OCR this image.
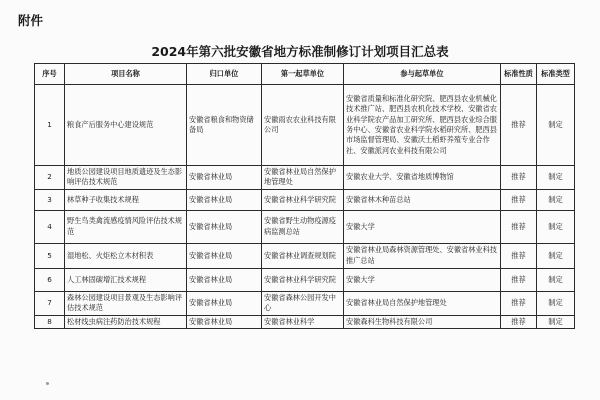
附件
2024年第六批安徽省地方标准制修订计划项目汇总表
序号	项目名称	归口单位	第一起草单位	参与起草单位	标准性质	标准类型
1	粮食产后服务中心建设规范	安徽省粮食和物资储备局	安徽雨农农业科技有限公司	安徽省质量和标准化研究院、肥西县农业机械化技术推广站、肥西县农机化技术学校、安徽省农业科学院农产品加工研究所、肥西县农业综合服务中心、安徽省农业科学院水稻研究所、肥西县市场监督管理局、安徽沃土稻虾养殖专业合作社、安徽派河农业科技有限公司	推荐	制定
2	地质公园建设项目地质遗迹及生态影响评估技术规范	安徽省林业局	安徽省林业局自然保护地管理处	安徽农业大学、安徽省地质博物馆	推荐	制定
3	林草种子收集技术规程	安徽省林业局	安徽省林业科学研究院	安徽省林木种苗总站	推荐	制定
4	野生鸟类禽流感疫情风险评估技术规范	安徽省林业局	安徽省野生动物疫源疫病监测总站	安徽大学	推荐	制定
5	湿地松、火炬松立木材积表	安徽省林业局	安徽省林业调查规划院	安徽省林业局森林资源管理处、安徽省林业科技推广总站	推荐	制定
6	人工林固碳增汇技术规程	安徽省林业局	安徽省林业科学研究院	安徽大学	推荐	制定
7	森林公园建设项目景观及生态影响评估技术规范	安徽省林业局	安徽省森林公园开发中心	安徽省林业局自然保护地管理处	推荐	制定
8	松材线虫病注药防治技术规程	安徽省林业局	安徽省林业科学	安徽森科生物科技有限公司	推荐	制定
